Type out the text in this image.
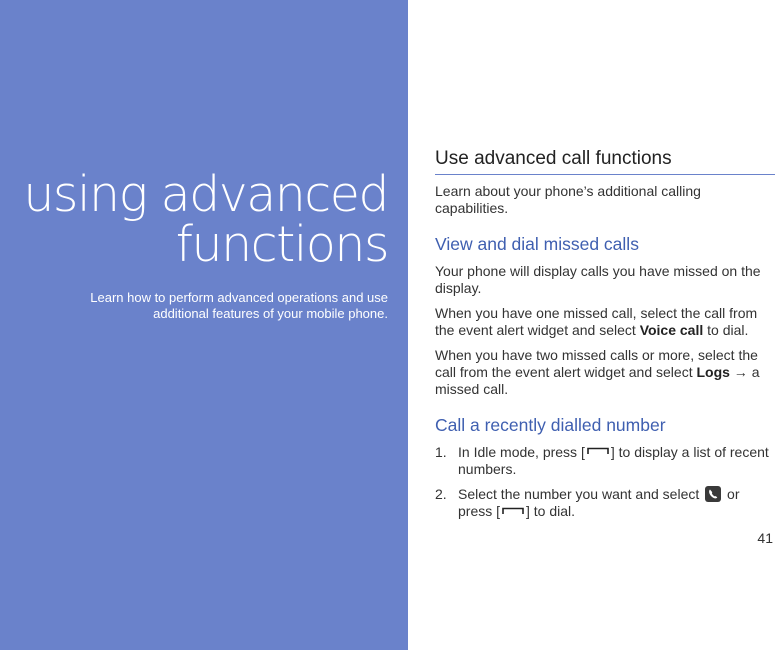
using advanced
functions

Learn how to perform advanced operations and use
additional features of your mobile phone.

Use advanced call functions

Learn about your phone’s additional calling capabilities.

View and dial missed calls

Your phone will display calls you have missed on the display.

When you have one missed call, select the call from the event alert widget and select Voice call to dial.

When you have two missed calls or more, select the call from the event alert widget and select Logs → a missed call.

Call a recently dialled number
1. In Idle mode, press [ ] to display a list of recent numbers.
2. Select the number you want and select  or press [ ] to dial.

41
